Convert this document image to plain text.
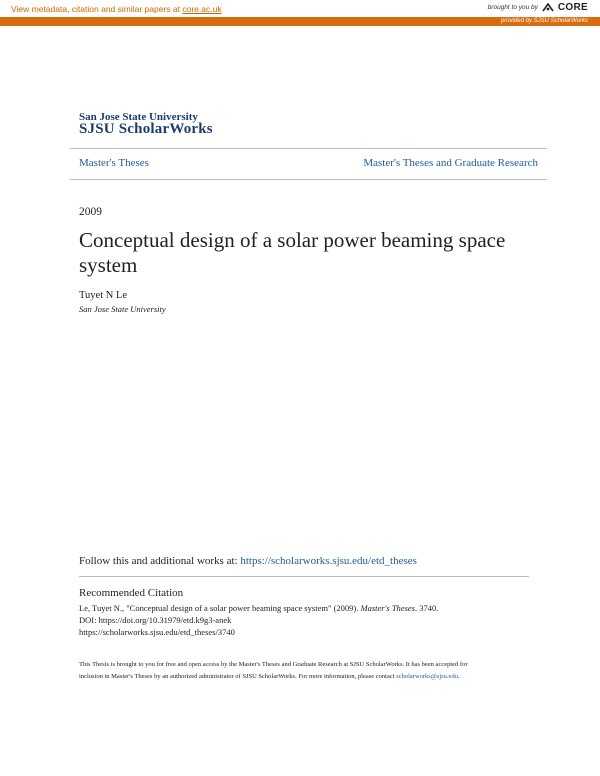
View metadata, citation and similar papers at core.ac.uk	brought to you by CORE
provided by SJSU ScholarWorks
San Jose State University
SJSU ScholarWorks
Master's Theses	Master's Theses and Graduate Research
2009
Conceptual design of a solar power beaming space system
Tuyet N Le
San Jose State University
Follow this and additional works at: https://scholarworks.sjsu.edu/etd_theses
Recommended Citation
Le, Tuyet N., "Conceptual design of a solar power beaming space system" (2009). Master's Theses. 3740.
DOI: https://doi.org/10.31979/etd.k9g3-anek
https://scholarworks.sjsu.edu/etd_theses/3740
This Thesis is brought to you for free and open access by the Master's Theses and Graduate Research at SJSU ScholarWorks. It has been accepted for
inclusion in Master's Theses by an authorized administrator of SJSU ScholarWorks. For more information, please contact scholarworks@sjsu.edu.
